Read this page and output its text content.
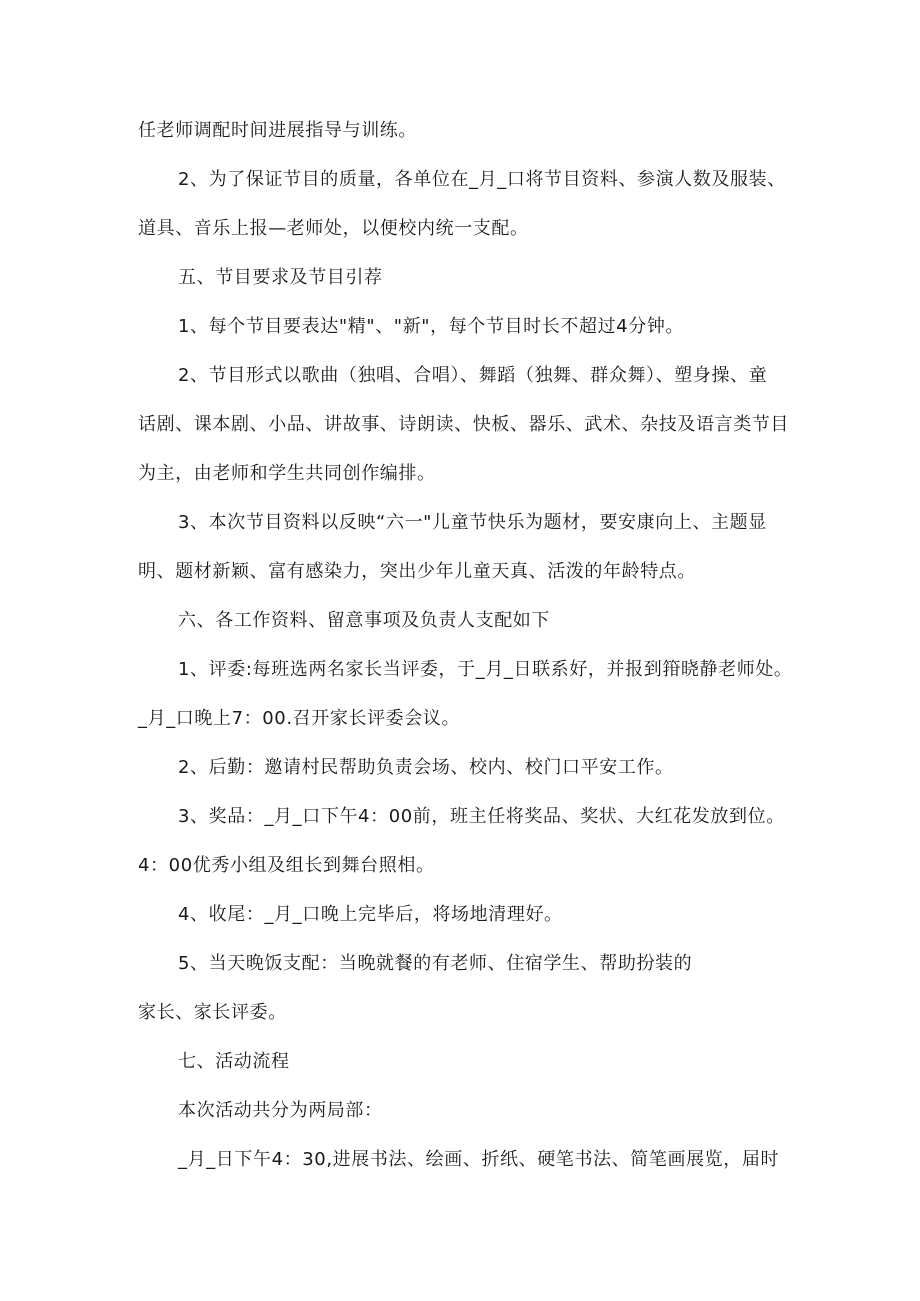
任老师调配时间进展指导与训练。
2、为了保证节目的质量，各单位在_月_口将节目资料、参演人数及服装、
道具、音乐上报—老师处，以便校内统一支配。
五、节目要求及节目引荐
1、每个节目要表达"精"、"新"，每个节目时长不超过4分钟。
2、节目形式以歌曲（独唱、合唱）、舞蹈（独舞、群众舞）、塑身操、童
话剧、课本剧、小品、讲故事、诗朗读、快板、器乐、武术、杂技及语言类节目
为主，由老师和学生共同创作编排。
3、本次节目资料以反映“六一"儿童节快乐为题材，要安康向上、主题显
明、题材新颖、富有感染力，突出少年儿童天真、活泼的年龄特点。
六、各工作资料、留意事项及负责人支配如下
1、评委:每班选两名家长当评委，于_月_日联系好，并报到箝晓静老师处。
_月_口晚上7：00.召开家长评委会议。
2、后勤：邀请村民帮助负责会场、校内、校门口平安工作。
3、奖品：_月_口下午4：00前，班主任将奖品、奖状、大红花发放到位。
4：00优秀小组及组长到舞台照相。
4、收尾：_月_口晚上完毕后，将场地清理好。
5、当天晚饭支配：当晚就餐的有老师、住宿学生、帮助扮装的
家长、家长评委。
七、活动流程
本次活动共分为两局部：
_月_日下午4：30,进展书法、绘画、折纸、硬笔书法、简笔画展览，届时
